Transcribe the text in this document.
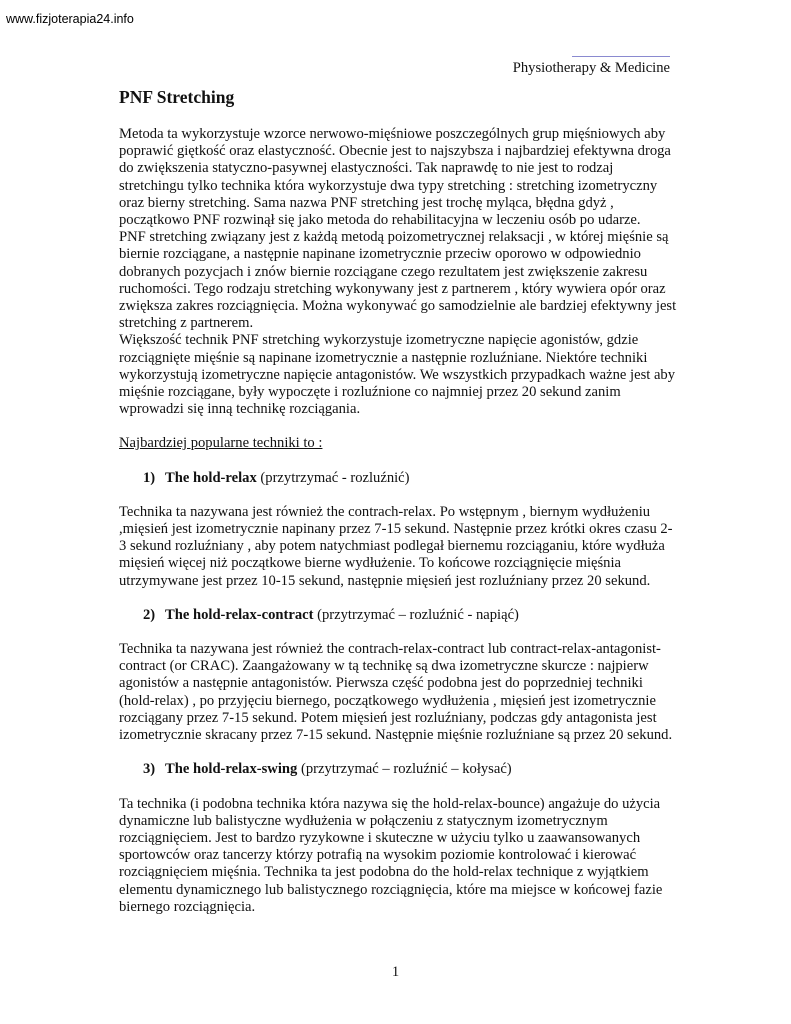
www.fizjoterapia24.info
Physiotherapy & Medicine
PNF Stretching

Metoda ta wykorzystuje wzorce nerwowo-mięśniowe poszczególnych grup mięśniowych aby poprawić giętkość oraz elastyczność. Obecnie jest to najszybsza i najbardziej efektywna droga do zwiększenia statyczno-pasywnej elastyczności. Tak naprawdę to nie jest to rodzaj stretchingu tylko technika która wykorzystuje dwa typy stretching : stretching izometryczny oraz bierny stretching. Sama nazwa PNF stretching jest trochę myląca, błędna gdyż , początkowo PNF rozwinął się jako metoda do rehabilitacyjna w leczeniu osób po udarze.

PNF stretching związany jest z każdą metodą poizometrycznej relaksacji , w której mięśnie są biernie rozciągane, a następnie napinane izometrycznie przeciw oporowo w odpowiednio dobranych pozycjach i znów biernie rozciągane czego rezultatem jest zwiększenie zakresu ruchomości. Tego rodzaju stretching wykonywany jest z partnerem , który wywiera opór oraz zwiększa zakres rozciągnięcia. Można wykonywać go samodzielnie ale bardziej efektywny jest stretching z partnerem.

Większość technik PNF stretching wykorzystuje izometryczne napięcie agonistów, gdzie rozciągnięte mięśnie są napinane izometrycznie a następnie rozluźniane. Niektóre techniki wykorzystują izometryczne napięcie antagonistów. We wszystkich przypadkach ważne jest aby mięśnie rozciągane, były wypoczęte i rozluźnione co najmniej przez 20 sekund zanim wprowadzi się inną technikę rozciągania.

Najbardziej popularne techniki to :

1) The hold-relax (przytrzymać - rozluźnić)

Technika ta nazywana jest również the contrach-relax. Po wstępnym , biernym wydłużeniu ,mięsień jest izometrycznie napinany przez 7-15 sekund. Następnie przez krótki okres czasu 2-3 sekund rozluźniany , aby potem natychmiast podlegał biernemu rozciąganiu, które wydłuża mięsień więcej niż początkowe bierne wydłużenie. To końcowe rozciągnięcie mięśnia utrzymywane jest przez 10-15 sekund, następnie mięsień jest rozluźniany przez 20 sekund.

2) The hold-relax-contract (przytrzymać – rozluźnić - napiąć)

Technika ta nazywana jest również the contrach-relax-contract lub contract-relax-antagonist-contract (or CRAC). Zaangażowany w tą technikę są dwa izometryczne skurcze : najpierw agonistów a następnie antagonistów. Pierwsza część podobna jest do poprzedniej techniki (hold-relax) , po przyjęciu biernego, początkowego wydłużenia , mięsień jest izometrycznie rozciągany przez 7-15 sekund. Potem mięsień jest rozluźniany, podczas gdy antagonista jest izometrycznie skracany przez 7-15 sekund. Następnie mięśnie rozluźniane są przez 20 sekund.

3) The hold-relax-swing (przytrzymać – rozluźnić – kołysać)

Ta technika (i podobna technika która nazywa się the hold-relax-bounce) angażuje do użycia dynamiczne lub balistyczne wydłużenia w połączeniu z statycznym izometrycznym rozciągnięciem. Jest to bardzo ryzykowne i skuteczne w użyciu tylko u zaawansowanych sportowców oraz tancerzy którzy potrafią na wysokim poziomie kontrolować i kierować rozciągnięciem mięśnia. Technika ta jest podobna do the hold-relax technique z wyjątkiem elementu dynamicznego lub balistycznego rozciągnięcia, które ma miejsce w końcowej fazie biernego rozciągnięcia.

1
